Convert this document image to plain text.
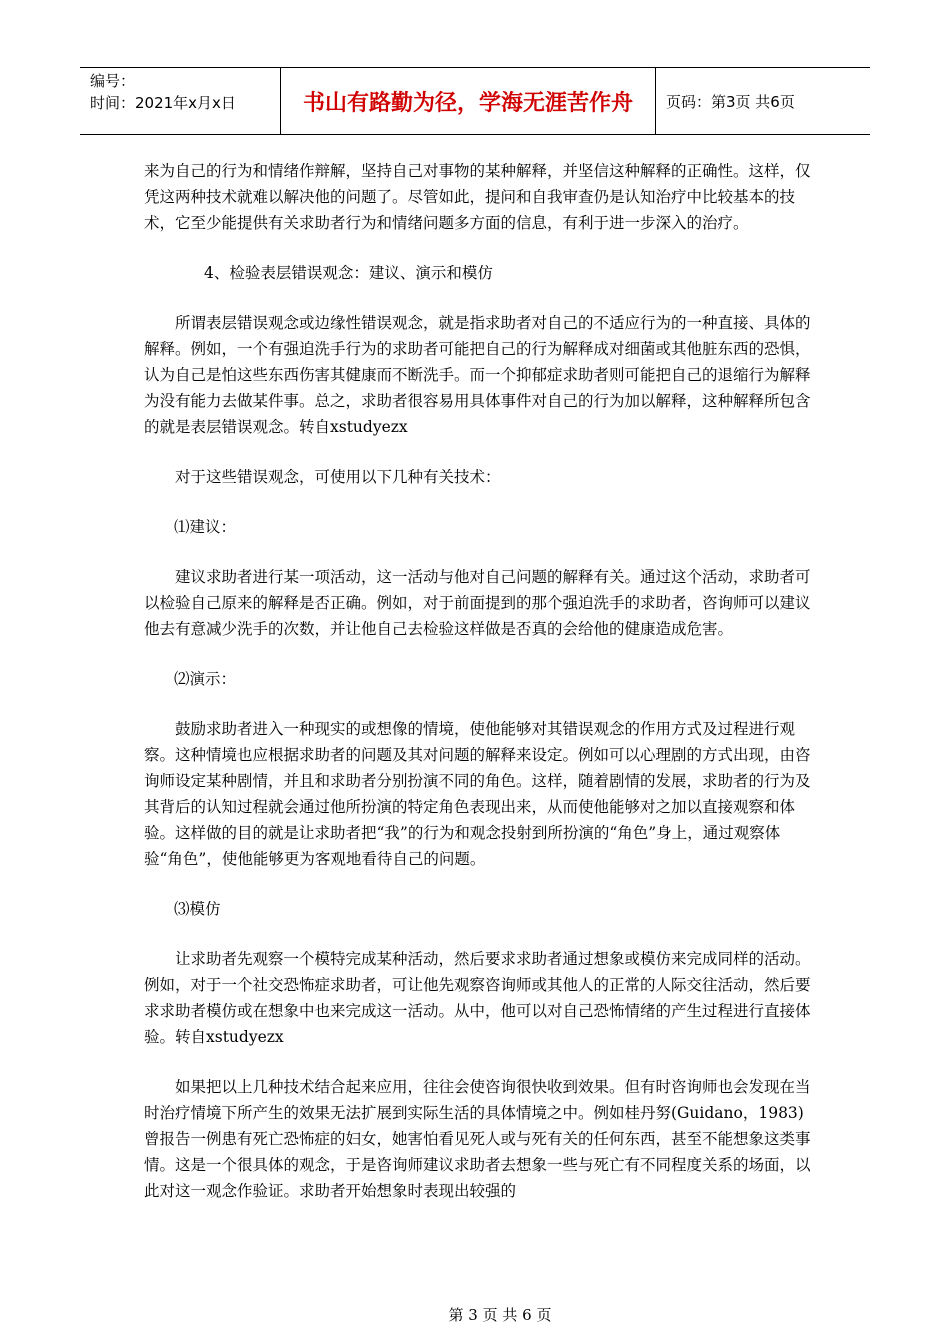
编号：
时间：2021年x月x日	书山有路勤为径，学海无涯苦作舟	页码：第3页 共6页

来为自己的行为和情绪作辩解，坚持自己对事物的某种解释，并坚信这种解释的正确性。这样，仅凭这两种技术就难以解决他的问题了。尽管如此，提问和自我审查仍是认知治疗中比较基本的技术，它至少能提供有关求助者行为和情绪问题多方面的信息，有利于进一步深入的治疗。

4、检验表层错误观念：建议、演示和模仿

所谓表层错误观念或边缘性错误观念，就是指求助者对自己的不适应行为的一种直接、具体的解释。例如，一个有强迫洗手行为的求助者可能把自己的行为解释成对细菌或其他脏东西的恐惧，认为自己是怕这些东西伤害其健康而不断洗手。而一个抑郁症求助者则可能把自己的退缩行为解释为没有能力去做某件事。总之，求助者很容易用具体事件对自己的行为加以解释，这种解释所包含的就是表层错误观念。转自xstudyezx

对于这些错误观念，可使用以下几种有关技术：

⑴建议：

建议求助者进行某一项活动，这一活动与他对自己问题的解释有关。通过这个活动，求助者可以检验自己原来的解释是否正确。例如，对于前面提到的那个强迫洗手的求助者，咨询师可以建议他去有意减少洗手的次数，并让他自己去检验这样做是否真的会给他的健康造成危害。

⑵演示：

鼓励求助者进入一种现实的或想像的情境，使他能够对其错误观念的作用方式及过程进行观察。这种情境也应根据求助者的问题及其对问题的解释来设定。例如可以心理剧的方式出现，由咨询师设定某种剧情，并且和求助者分别扮演不同的角色。这样，随着剧情的发展，求助者的行为及其背后的认知过程就会通过他所扮演的特定角色表现出来，从而使他能够对之加以直接观察和体验。这样做的目的就是让求助者把“我”的行为和观念投射到所扮演的“角色”身上，通过观察体验“角色”，使他能够更为客观地看待自己的问题。

⑶模仿

让求助者先观察一个模特完成某种活动，然后要求求助者通过想象或模仿来完成同样的活动。例如，对于一个社交恐怖症求助者，可让他先观察咨询师或其他人的正常的人际交往活动，然后要求求助者模仿或在想象中也来完成这一活动。从中，他可以对自己恐怖情绪的产生过程进行直接体验。转自xstudyezx

如果把以上几种技术结合起来应用，往往会使咨询很快收到效果。但有时咨询师也会发现在当时治疗情境下所产生的效果无法扩展到实际生活的具体情境之中。例如桂丹努(Guidano，1983)曾报告一例患有死亡恐怖症的妇女，她害怕看见死人或与死有关的任何东西，甚至不能想象这类事情。这是一个很具体的观念，于是咨询师建议求助者去想象一些与死亡有不同程度关系的场面，以此对这一观念作验证。求助者开始想象时表现出较强的

第 3 页 共 6 页
